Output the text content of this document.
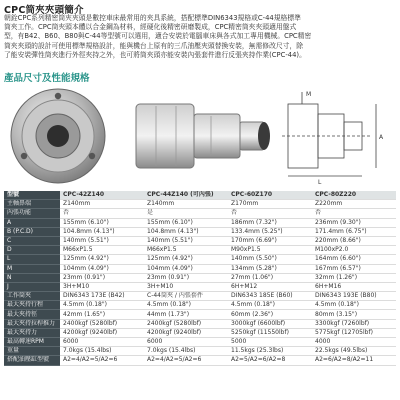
CPC筒夾夾頭簡介
朝銓CPC系列精密筒夾夾頭是數控車床最常用的夾具系統，搭配標準DIN6343規格或C-44規格標準
筒夾工作。CPC筒夾頭本體以合金鋼為材料，經硬化後精密研磨製成，CPC精密筒夾夾頭適用盤式
型，有B42、B60、B80與C-44等型號可以選用，適合安裝於電腦車床與各式加工專用機械。CPC精密
筒夾夾頭的設計可使用標準規格設計，能與機台上原有的三爪油壓夾頭替換安裝，無需修改尺寸，除
了能安裝彈性筒夾進行外徑夾持之外，也可將筒夾頭亦能安裝內張套件進行反張夾持作業(CPC-44)。
產品尺寸及性能規格
L
A
M
型號	CPC-42Z140	CPC-44Z140 (可內張)	CPC-60Z170	CPC-80Z220
主軸鼻端	Z140mm	Z140mm	Z170mm	Z220mm
內張功能	否	是	否	否
A	155mm (6.10")	155mm (6.10")	186mm (7.32")	236mm (9.30")
B (P.C.D)	104.8mm (4.13")	104.8mm (4.13")	133.4mm (5.25")	171.4mm (6.75")
C	140mm (5.51")	140mm (5.51")	170mm (6.69")	220mm (8.66")
D	M66xP1.5	M66xP1.5	M90xP1.5	M100xP2.0
L	125mm (4.92")	125mm (4.92")	140mm (5.50")	164mm (6.60")
M	104mm (4.09")	104mm (4.09")	134mm (5.28")	167mm (6.57")
N	23mm (0.91")	23mm (0.91")	27mm (1.06")	32mm (1.26")
J	3H+M10	3H+M10	6H+M12	6H+M16
工作筒夾	DIN6343 173E (B42)	C-44筒夾 / 内張套件	DIN6343 185E (B60)	DIN6343 193E (B80)
最大夾持行程	4.5mm (0.18")	4.5mm (0.18")	4.5mm (0.18")	4.5mm (0.18")
最大夾持徑	42mm (1.65")	44mm (1.73")	60mm (2.36")	80mm (3.15")
最大夾持拉桿推力	2400kgf (5280lbf)	2400kgf (5280lbf)	3000kgf (6600lbf)	3300kgf (7260lbf)
最大夾持力	4200kgf (9240lbf)	4200kgf (9240lbf)	5250kgf (11550lbf)	5775kgf (12705lbf)
最高轉速RPM	6000	6000	5000	4000
重量	7.0kgs (15.4lbs)	7.0kgs (15.4lbs)	11.5kgs (25.3lbs)	22.5kgs (49.5lbs)
搭配油壓缸型號	A2=4/A2=5/A2=6	A2=4/A2=5/A2=6	A2=5/A2=6/A2=8	A2=6/A2=8/A2=11
